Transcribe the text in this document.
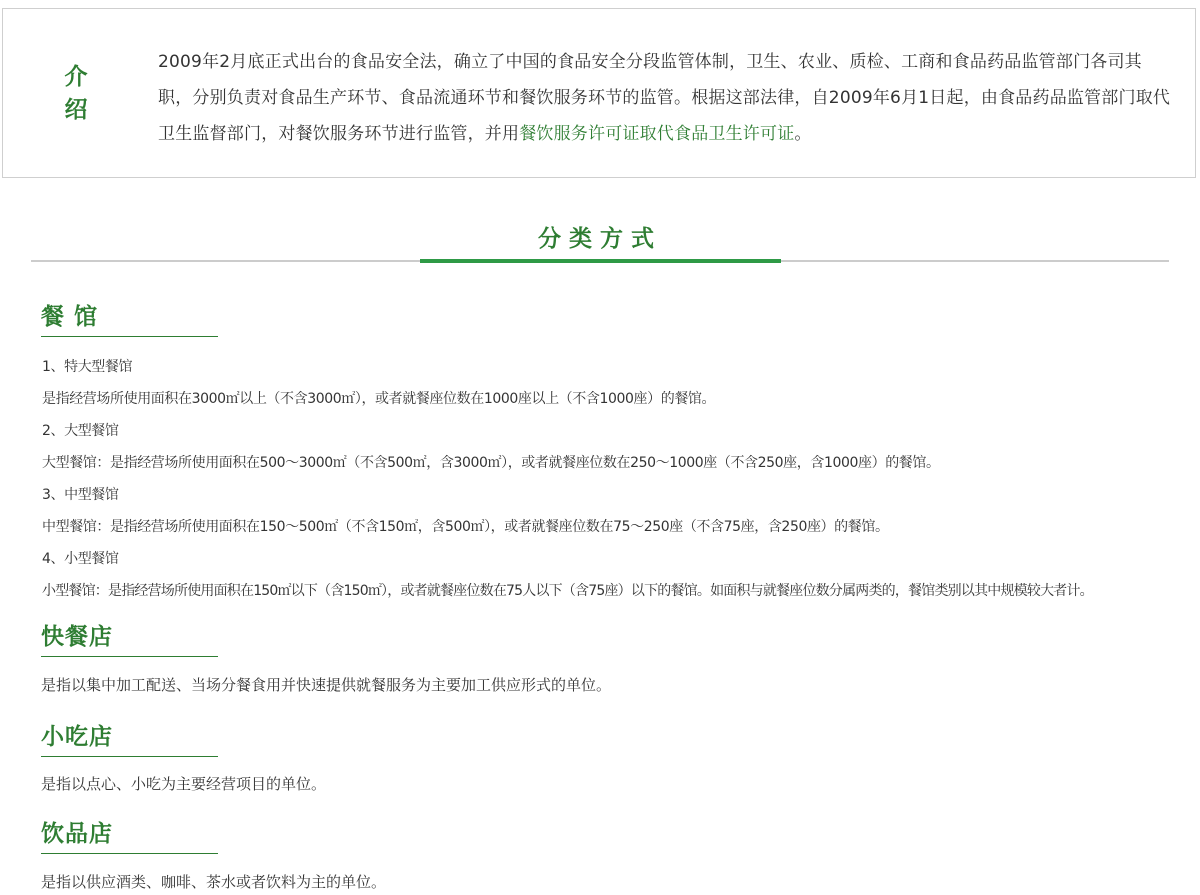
介绍
2009年2月底正式出台的食品安全法，确立了中国的食品安全分段监管体制，卫生、农业、质检、工商和食品药品监管部门各司其职，分别负责对食品生产环节、食品流通环节和餐饮服务环节的监管。根据这部法律，自2009年6月1日起，由食品药品监管部门取代卫生监督部门，对餐饮服务环节进行监管，并用餐饮服务许可证取代食品卫生许可证。
分类方式
餐 馆
1、特大型餐馆
是指经营场所使用面积在3000㎡以上（不含3000㎡），或者就餐座位数在1000座以上（不含1000座）的餐馆。
2、大型餐馆
大型餐馆：是指经营场所使用面积在500～3000㎡（不含500㎡，含3000㎡），或者就餐座位数在250～1000座（不含250座，含1000座）的餐馆。
3、中型餐馆
中型餐馆：是指经营场所使用面积在150～500㎡（不含150㎡，含500㎡），或者就餐座位数在75～250座（不含75座，含250座）的餐馆。
4、小型餐馆
小型餐馆：是指经营场所使用面积在150㎡以下（含150㎡），或者就餐座位数在75人以下（含75座）以下的餐馆。如面积与就餐座位数分属两类的，餐馆类别以其中规模较大者计。
快餐店
是指以集中加工配送、当场分餐食用并快速提供就餐服务为主要加工供应形式的单位。
小吃店
是指以点心、小吃为主要经营项目的单位。
饮品店
是指以供应酒类、咖啡、茶水或者饮料为主的单位。
